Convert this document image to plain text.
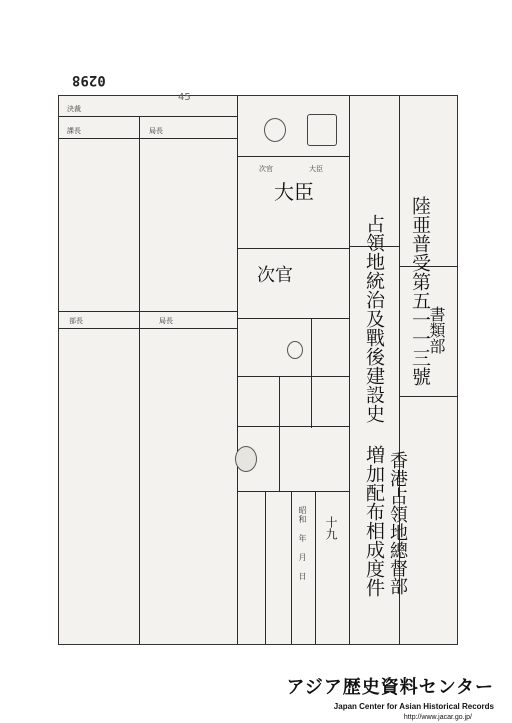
決裁
課長	局長
部長	局長
次官	大臣
大臣
次官	陸亜普受第五一一三號
占領地統治及戰後建設史 増加配布相成度件 香港占領地總督部
書類部
昭和 年 月 日 十九
0298
45
アジア歴史資料センター
Japan Center for Asian Historical Records
http://www.jacar.go.jp/
